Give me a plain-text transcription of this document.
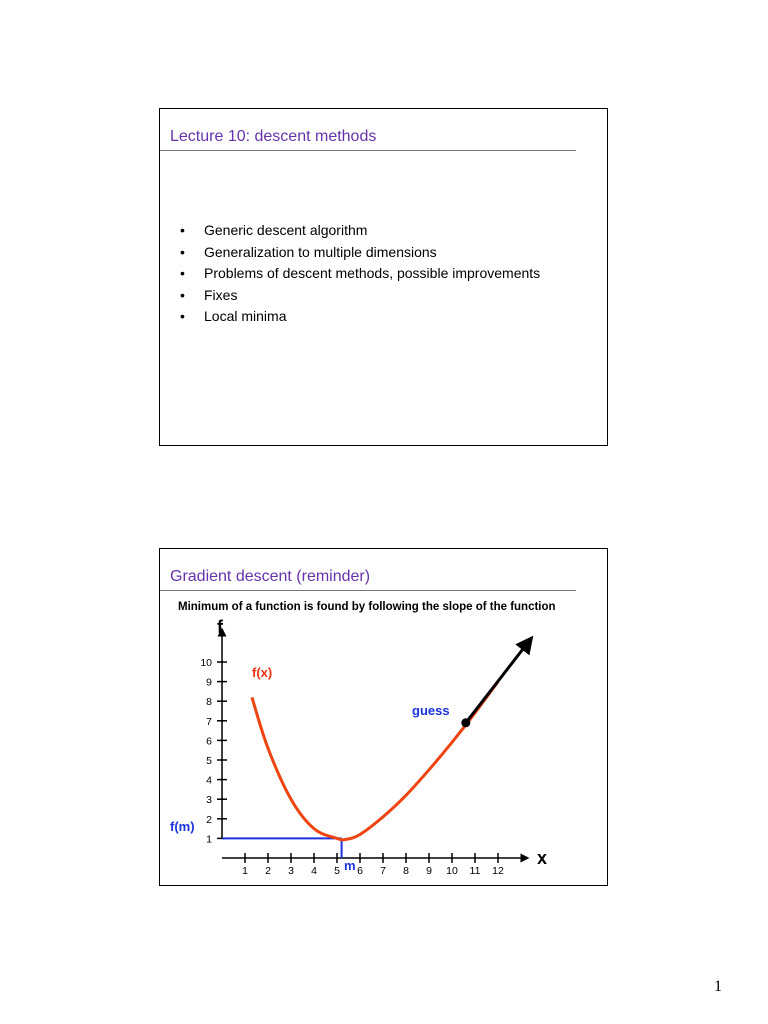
Lecture 10: descent methods
• Generic descent algorithm
• Generalization to multiple dimensions
• Problems of descent methods, possible improvements
• Fixes
• Local minima
Gradient descent (reminder)
Minimum of a function is found by following the slope of the function
f
x
1 2 3 4 5 6 7 8 9 10 11 12
1
2
3
4
5
6
7
8
9
10
f(x)
guess
f(m)
m
1
